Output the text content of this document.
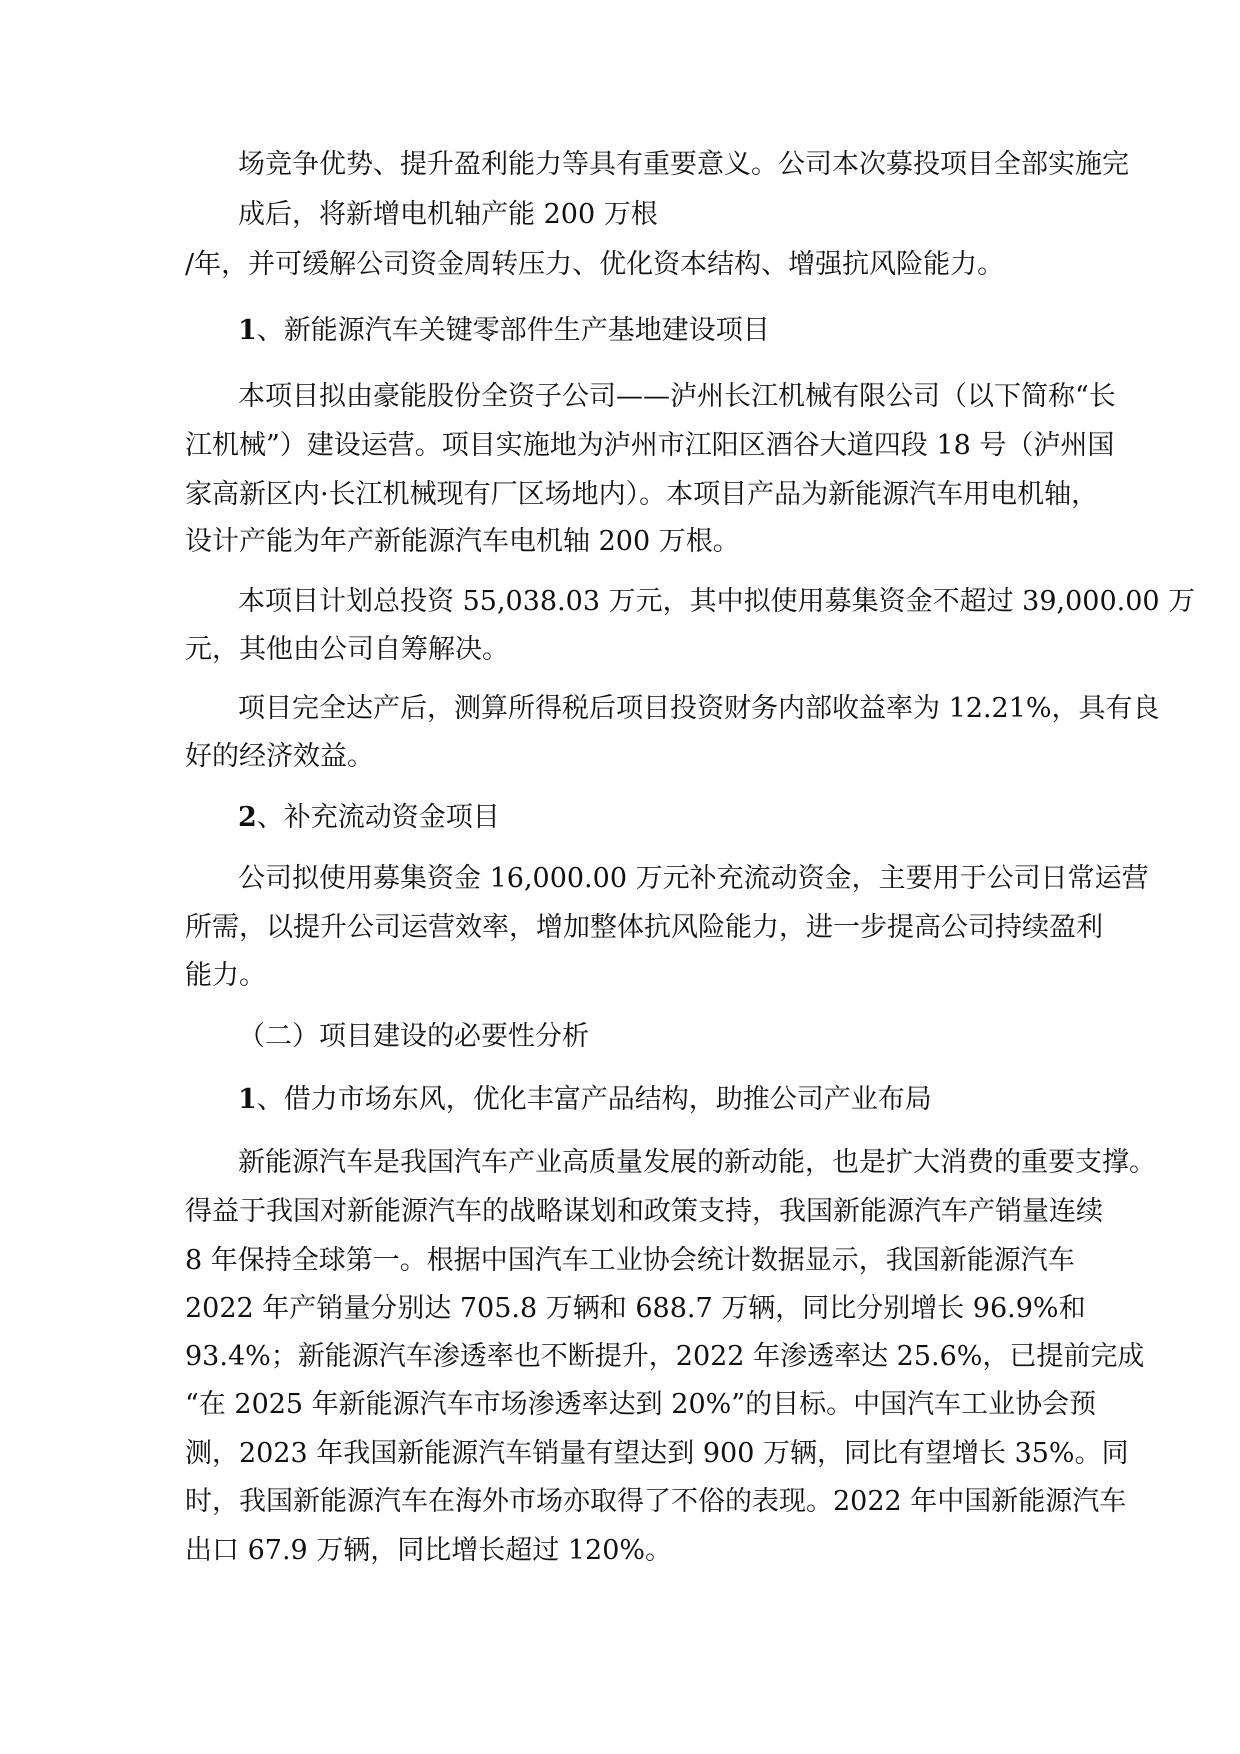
场竞争优势、提升盈利能力等具有重要意义。公司本次募投项目全部实施完
成后，将新增电机轴产能 200 万根
/年，并可缓解公司资金周转压力、优化资本结构、增强抗风险能力。
1、新能源汽车关键零部件生产基地建设项目
本项目拟由豪能股份全资子公司——泸州长江机械有限公司（以下简称“长
江机械”）建设运营。项目实施地为泸州市江阳区酒谷大道四段 18 号（泸州国
家高新区内·长江机械现有厂区场地内）。本项目产品为新能源汽车用电机轴，
设计产能为年产新能源汽车电机轴 200 万根。
本项目计划总投资 55,038.03 万元，其中拟使用募集资金不超过 39,000.00 万
元，其他由公司自筹解决。
项目完全达产后，测算所得税后项目投资财务内部收益率为 12.21%，具有良
好的经济效益。
2、补充流动资金项目
公司拟使用募集资金 16,000.00 万元补充流动资金，主要用于公司日常运营
所需，以提升公司运营效率，增加整体抗风险能力，进一步提高公司持续盈利
能力。
（二）项目建设的必要性分析
1、借力市场东风，优化丰富产品结构，助推公司产业布局
新能源汽车是我国汽车产业高质量发展的新动能，也是扩大消费的重要支撑。
得益于我国对新能源汽车的战略谋划和政策支持，我国新能源汽车产销量连续
8 年保持全球第一。根据中国汽车工业协会统计数据显示，我国新能源汽车
2022 年产销量分别达 705.8 万辆和 688.7 万辆，同比分别增长 96.9%和
93.4%；新能源汽车渗透率也不断提升，2022 年渗透率达 25.6%，已提前完成
“在 2025 年新能源汽车市场渗透率达到 20%”的目标。中国汽车工业协会预
测，2023 年我国新能源汽车销量有望达到 900 万辆，同比有望增长 35%。同
时，我国新能源汽车在海外市场亦取得了不俗的表现。2022 年中国新能源汽车
出口 67.9 万辆，同比增长超过 120%。
